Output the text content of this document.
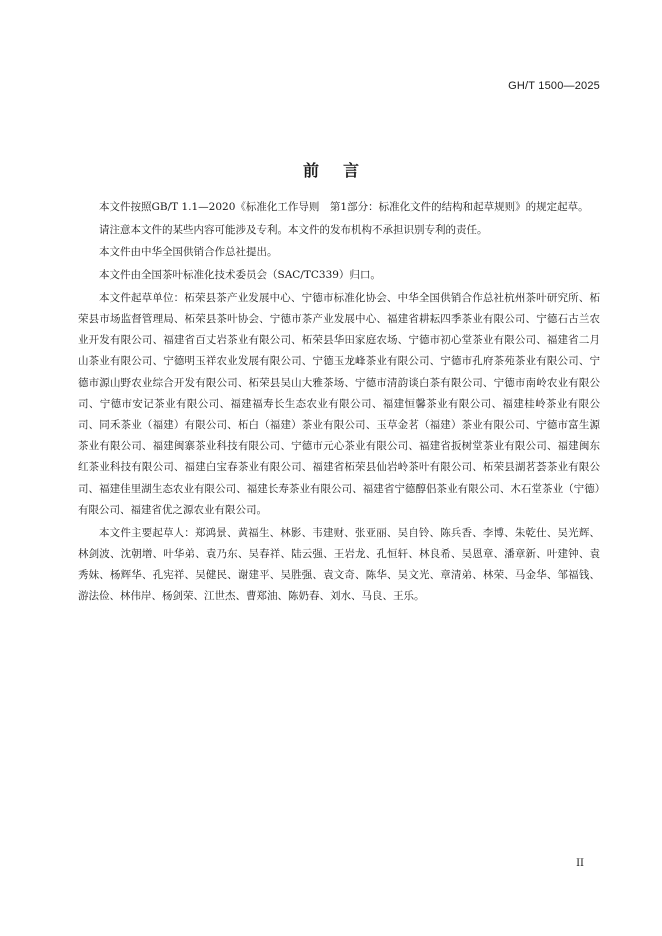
GH/T 1500—2025
前言

本文件按照GB/T 1.1—2020《标准化工作导则　第1部分：标准化文件的结构和起草规则》的规定起草。

请注意本文件的某些内容可能涉及专利。本文件的发布机构不承担识别专利的责任。

本文件由中华全国供销合作总社提出。

本文件由全国茶叶标准化技术委员会（SAC/TC339）归口。

本文件起草单位：柘荣县茶产业发展中心、宁德市标准化协会、中华全国供销合作总社杭州茶叶研究所、柘荣县市场监督管理局、柘荣县茶叶协会、宁德市茶产业发展中心、福建省耕耘四季茶业有限公司、宁德石古兰农业开发有限公司、福建省百丈岩茶业有限公司、柘荣县华田家庭农场、宁德市初心堂茶业有限公司、福建省二月山茶业有限公司、宁德明玉祥农业发展有限公司、宁德玉龙峰茶业有限公司、宁德市孔府茶苑茶业有限公司、宁德市源山野农业综合开发有限公司、柘荣县吴山大雅茶场、宁德市清韵谈白茶有限公司、宁德市南岭农业有限公司、宁德市安记茶业有限公司、福建福寿长生态农业有限公司、福建恒馨茶业有限公司、福建桂岭茶业有限公司、同禾茶业（福建）有限公司、柘白（福建）茶业有限公司、玉草金茗（福建）茶业有限公司、宁德市富生源茶业有限公司、福建闽寨茶业科技有限公司、宁德市元心茶业有限公司、福建省扳树堂茶业有限公司、福建闽东红茶业科技有限公司、福建白宝春茶业有限公司、福建省柘荣县仙岩岭茶叶有限公司、柘荣县湖茗荟茶业有限公司、福建佳里湖生态农业有限公司、福建长寿茶业有限公司、福建省宁德醇侣茶业有限公司、木石堂茶业（宁德）有限公司、福建省优之源农业有限公司。

本文件主要起草人：郑鸿景、黄福生、林影、韦建财、张亚丽、吴自铃、陈兵香、李博、朱乾仕、吴光辉、林剑波、沈朝增、叶华弟、袁乃东、吴春祥、陆云强、王岩龙、孔恒轩、林良希、吴恩章、潘章新、叶建钟、袁秀妹、杨辉华、孔宪祥、吴健民、谢建平、吴胜强、袁文奇、陈华、吴文光、章清弟、林荣、马金华、邹福钱、游法俭、林伟岸、杨剑荣、江世杰、曹郑油、陈奶春、刘水、马良、王乐。

II
